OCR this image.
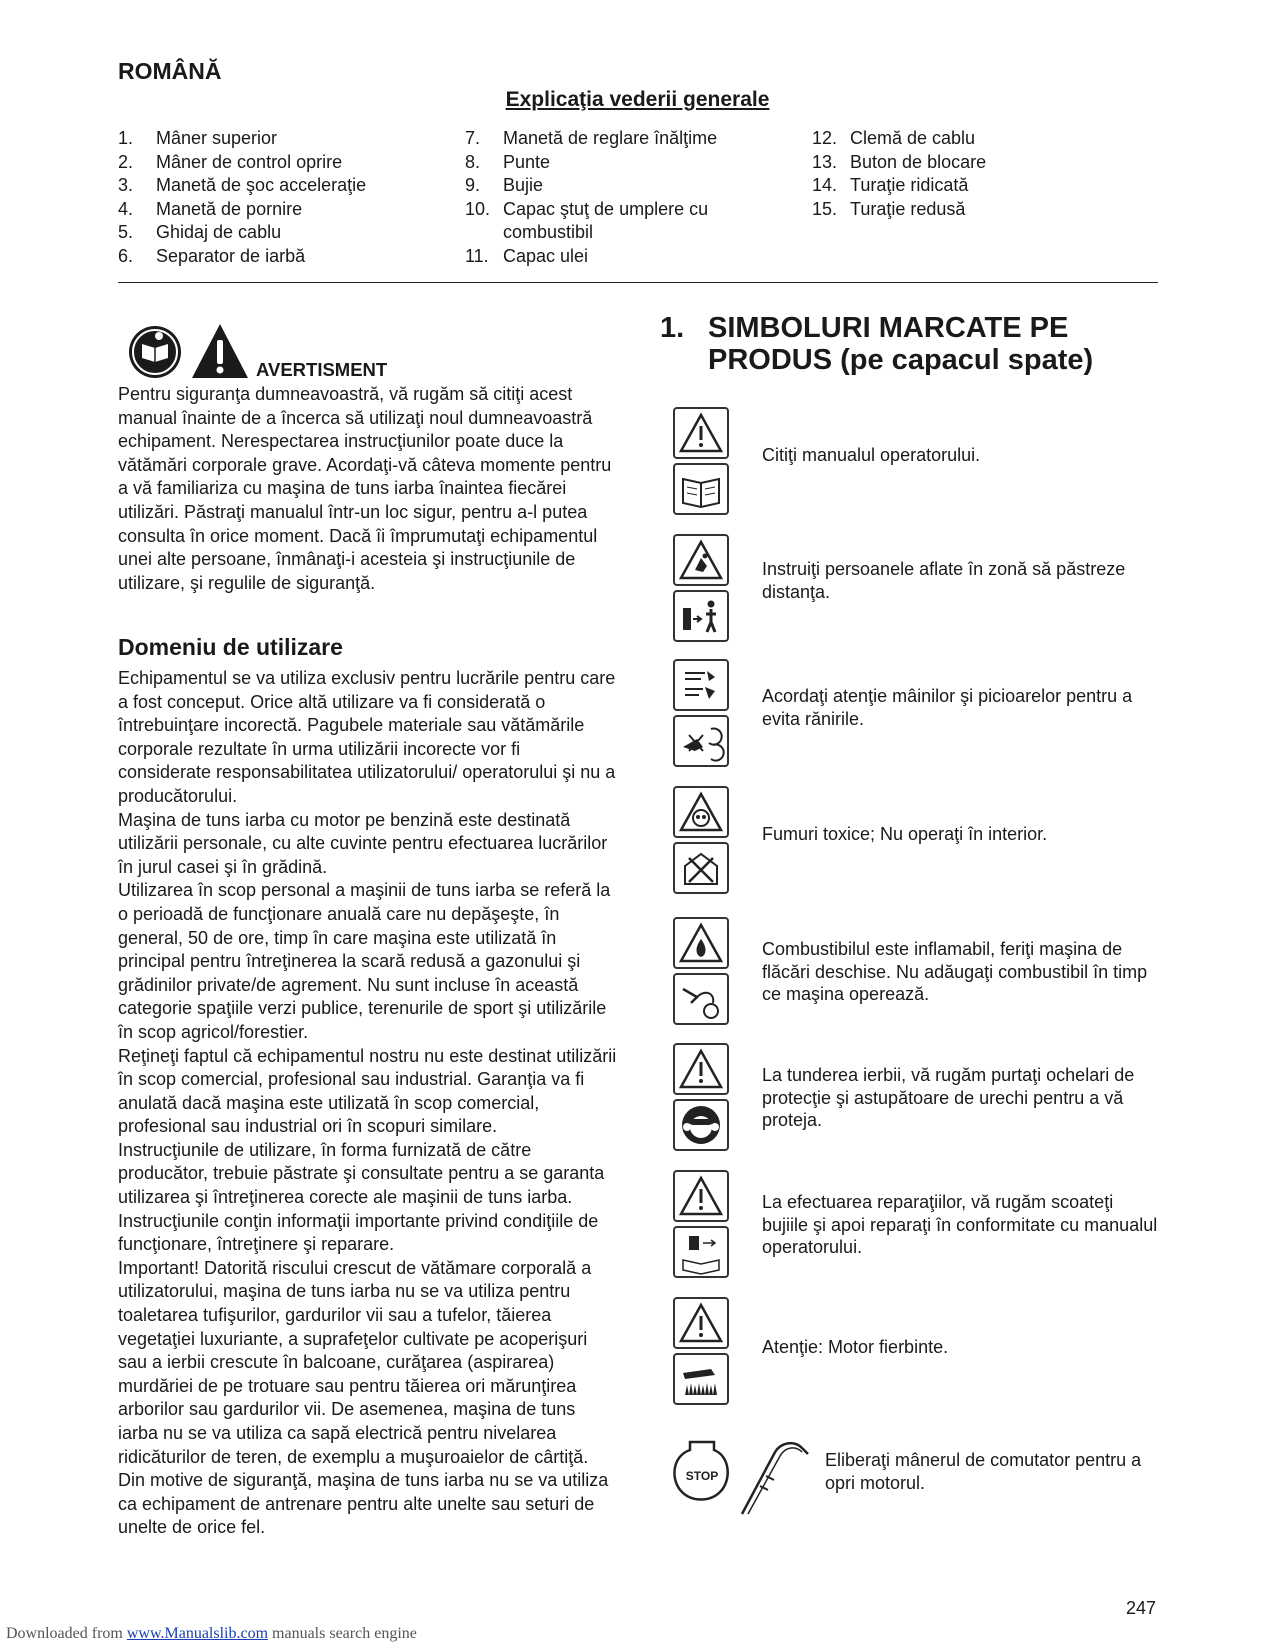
ROMÂNĂ
Explicaţia vederii generale
1.	Mâner superior
2.	Mâner de control oprire
3.	Manetă de şoc acceleraţie
4.	Manetă de pornire
5.	Ghidaj de cablu
6.	Separator de iarbă
7.	Manetă de reglare înălţime
8.	Punte
9.	Bujie
10. Capac ştuţ de umplere cu combustibil
11. Capac ulei
12. Clemă de cablu
13. Buton de blocare
14. Turaţie ridicată
15. Turaţie redusă
AVERTISMENT

Pentru siguranţa dumneavoastră, vă rugăm să citiţi acest manual înainte de a încerca să utilizaţi noul dumneavoastră echipament. Nerespectarea instrucţiunilor poate duce la vătămări corporale grave. Acordaţi-vă câteva momente pentru a vă familiariza cu maşina de tuns iarba înaintea fiecărei utilizări. Păstraţi manualul într-un loc sigur, pentru a-l putea consulta în orice moment. Dacă îi împrumutaţi echipamentul unei alte persoane, înmânaţi-i acesteia şi instrucţiunile de utilizare, şi regulile de siguranţă.

Domeniu de utilizare

Echipamentul se va utiliza exclusiv pentru lucrările pentru care a fost conceput. Orice altă utilizare va fi considerată o întrebuinţare incorectă. Pagubele materiale sau vătămările corporale rezultate în urma utilizării incorecte vor fi considerate responsabilitatea utilizatorului/ operatorului şi nu a producătorului.

Maşina de tuns iarba cu motor pe benzină este destinată utilizării personale, cu alte cuvinte pentru efectuarea lucrărilor în jurul casei şi în grădină.

Utilizarea în scop personal a maşinii de tuns iarba se referă la o perioadă de funcţionare anuală care nu depăşeşte, în general, 50 de ore, timp în care maşina este utilizată în principal pentru întreţinerea la scară redusă a gazonului şi grădinilor private/de agrement. Nu sunt incluse în această categorie spaţiile verzi publice, terenurile de sport şi utilizările în scop agricol/forestier.

Reţineţi faptul că echipamentul nostru nu este destinat utilizării în scop comercial, profesional sau industrial. Garanţia va fi anulată dacă maşina este utilizată în scop comercial, profesional sau industrial ori în scopuri similare.

Instrucţiunile de utilizare, în forma furnizată de către producător, trebuie păstrate şi consultate pentru a se garanta utilizarea şi întreţinerea corecte ale maşinii de tuns iarba. Instrucţiunile conţin informaţii importante privind condiţiile de funcţionare, întreţinere şi reparare.

Important! Datorită riscului crescut de vătămare corporală a utilizatorului, maşina de tuns iarba nu se va utiliza pentru toaletarea tufişurilor, gardurilor vii sau a tufelor, tăierea vegetaţiei luxuriante, a suprafeţelor cultivate pe acoperişuri sau a ierbii crescute în balcoane, curăţarea (aspirarea) murdăriei de pe trotuare sau pentru tăierea ori mărunţirea arborilor sau gardurilor vii. De asemenea, maşina de tuns iarba nu se va utiliza ca sapă electrică pentru nivelarea ridicăturilor de teren, de exemplu a muşuroaielor de cârtiţă.

Din motive de siguranţă, maşina de tuns iarba nu se va utiliza ca echipament de antrenare pentru alte unelte sau seturi de unelte de orice fel.

1. SIMBOLURI MARCATE PE PRODUS (pe capacul spate)
Citiţi manualul operatorului.
Instruiţi persoanele aflate în zonă să păstreze distanţa.
Acordaţi atenţie mâinilor şi picioarelor pentru a evita rănirile.
Fumuri toxice; Nu operaţi în interior.
Combustibilul este inflamabil, feriţi maşina de flăcări deschise. Nu adăugaţi combustibil în timp ce maşina operează.
La tunderea ierbii, vă rugăm purtaţi ochelari de protecţie şi astupătoare de urechi pentru a vă proteja.
La efectuarea reparaţiilor, vă rugăm scoateţi bujiile şi apoi reparaţi în conformitate cu manualul operatorului.
Atenţie: Motor fierbinte.
STOP
Eliberaţi mânerul de comutator pentru a opri motorul.
247
Downloaded from www.Manualslib.com manuals search engine
